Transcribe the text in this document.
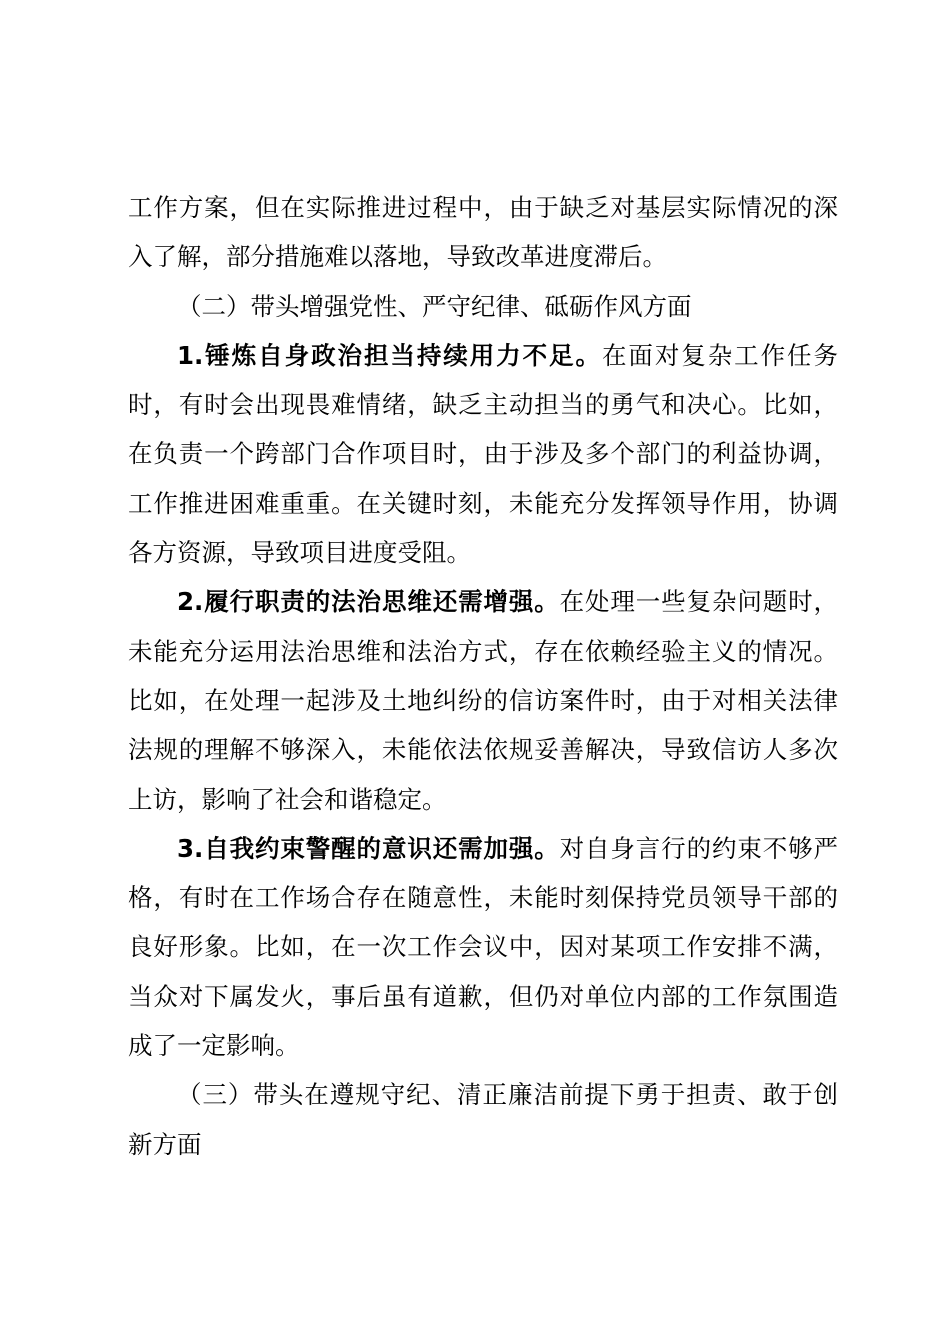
工作方案，但在实际推进过程中，由于缺乏对基层实际情况的深入了解，部分措施难以落地，导致改革进度滞后。

（二）带头增强党性、严守纪律、砥砺作风方面

1.锤炼自身政治担当持续用力不足。在面对复杂工作任务时，有时会出现畏难情绪，缺乏主动担当的勇气和决心。比如，在负责一个跨部门合作项目时，由于涉及多个部门的利益协调，工作推进困难重重。在关键时刻，未能充分发挥领导作用，协调各方资源，导致项目进度受阻。

2.履行职责的法治思维还需增强。在处理一些复杂问题时，未能充分运用法治思维和法治方式，存在依赖经验主义的情况。比如，在处理一起涉及土地纠纷的信访案件时，由于对相关法律法规的理解不够深入，未能依法依规妥善解决，导致信访人多次上访，影响了社会和谐稳定。

3.自我约束警醒的意识还需加强。对自身言行的约束不够严格，有时在工作场合存在随意性，未能时刻保持党员领导干部的良好形象。比如，在一次工作会议中，因对某项工作安排不满，当众对下属发火，事后虽有道歉，但仍对单位内部的工作氛围造成了一定影响。

（三）带头在遵规守纪、清正廉洁前提下勇于担责、敢于创新方面
